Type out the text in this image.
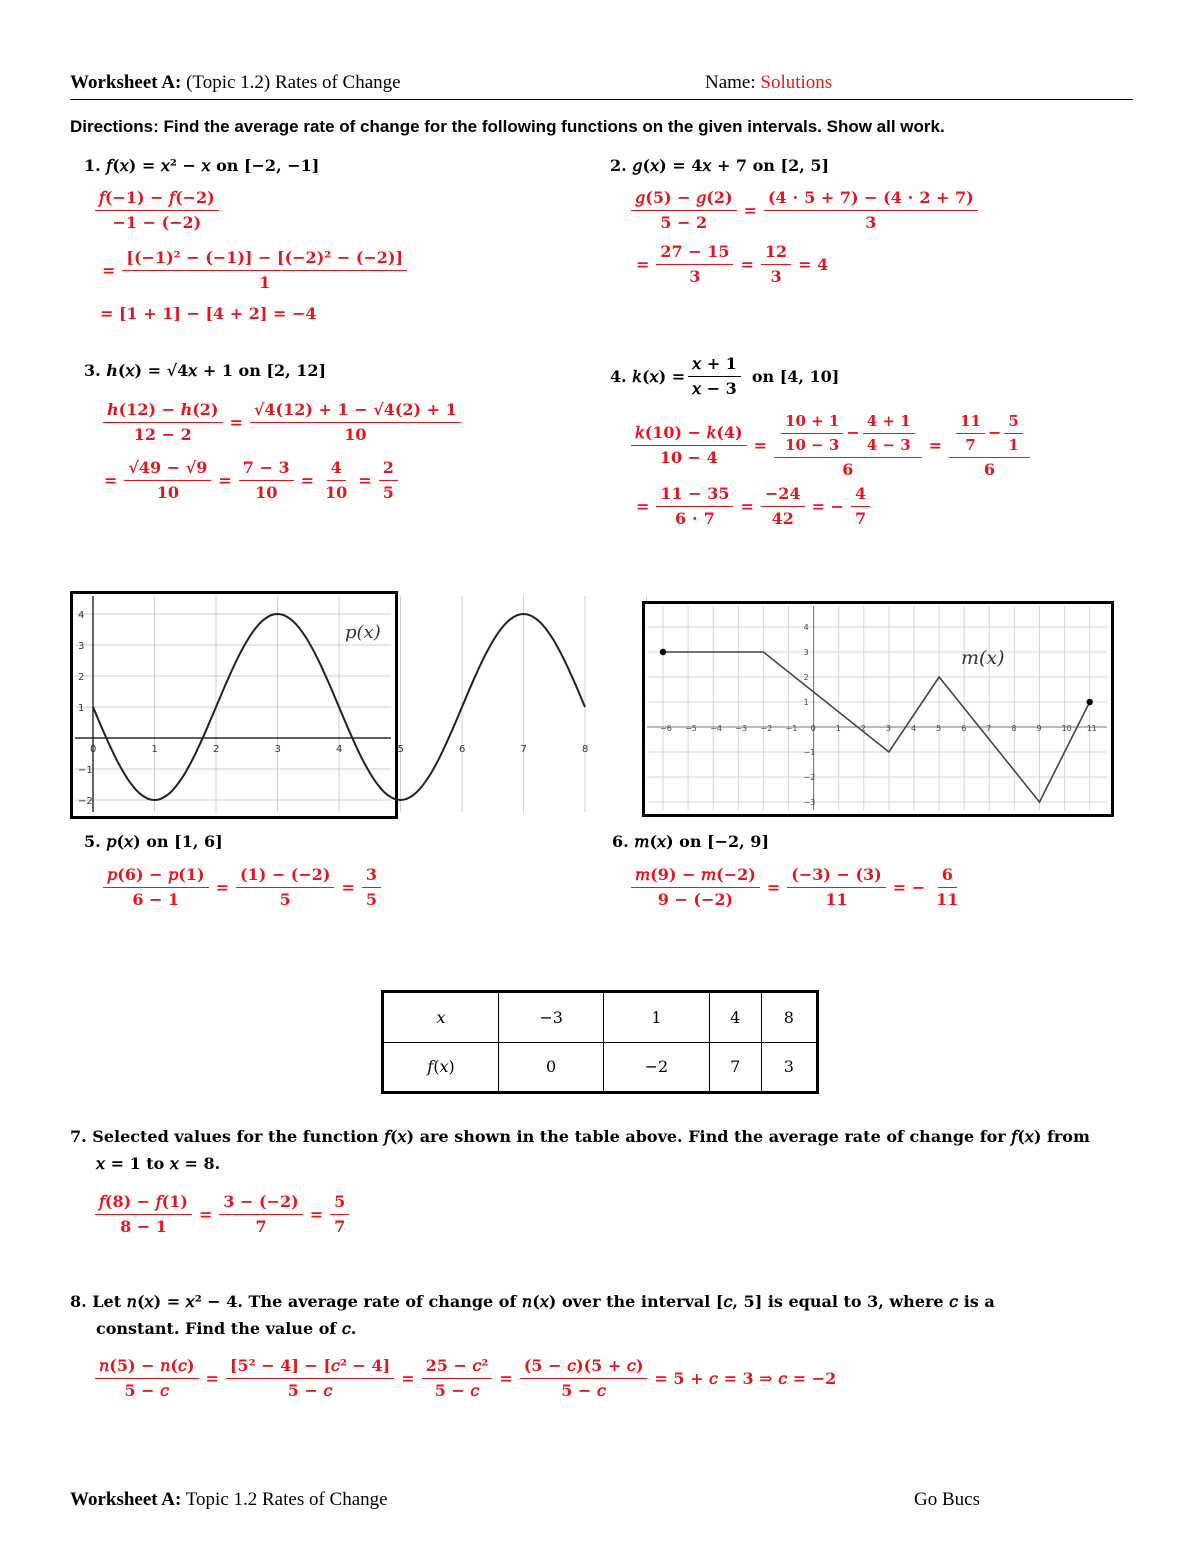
Worksheet A: (Topic 1.2) Rates of Change	Name: Solutions
Directions: Find the average rate of change for the following functions on the given intervals. Show all work.
1. 𝑓(𝑥) = 𝑥² − 𝑥 on [−2, −1]
$\frac{\text{𝑓(−1) − 𝑓(−2)}}{-1 - (-2)}$
= $\frac{\text{[(−1)² − (−1)] − [(−2)² − (−2)]}}{1}$
= [1 + 1] − [4 + 2] = −4
2. 𝑔(𝑥) = 4𝑥 + 7 on [2, 5]
$\frac{\text{𝑔(5) − 𝑔(2)}}{5 - 2} = \frac{(4 \cdot 5 + 7) - (4 \cdot 2 + 7)}{3}$
= $\frac{27 - 15}{3} = \frac{12}{3} = 4$
3. ℎ(𝑥) = √4𝑥 + 1 on [2, 12]
$\frac{\text{ℎ(12) − ℎ(2)}}{12 - 2} = \frac{√4(12) + 1 - √4(2) + 1}{10}$
= $\frac{√49 - √9}{10} = \frac{7 - 3}{10} = \frac{4}{10} = \frac{2}{5}$
4. 𝑘(𝑥) = $\frac{\text{𝑥 + 1}}{\text{𝑥 − 3}}$ on [4, 10]
$\frac{\text{𝑘(10) − 𝑘(4)}}{10 - 4} = \frac{\frac{10 + 1}{10 - 3} - \frac{4 + 1}{4 - 3}}{6} = \frac{\frac{11}{7} - \frac{5}{1}}{6}$
= $\frac{11 - 35}{6 \cdot 7} = \frac{-24}{42}$ = − $\frac{4}{7}$
0	1	2	3	4	5	6	7	8
4
3
2
1
−1
−2
𝑝(𝑥)
−6 −5 −4 −3 −2 −1 0	1	2	3	4	5	6	7	8	9	10 11
4
3
2
1
−1
−2
−3
𝑚(𝑥)
5. 𝑝(𝑥) on [1, 6]
$\frac{\text{𝑝(6) − 𝑝(1)}}{6 - 1} = \frac{(1) - (-2)}{5} = \frac{3}{5}$
6. 𝑚(𝑥) on [−2, 9]
$\frac{\text{𝑚(9) − 𝑚(−2)}}{9 - (-2)} = \frac{(-3) - (3)}{11}$ = − $\frac{6}{11}$
𝑥	−3	1	4	8
𝑓(𝑥)	0	−2	7	3
7. Selected values for the function 𝑓(𝑥) are shown in the table above. Find the average rate of change for 𝑓(𝑥) from
𝑥 = 1 to 𝑥 = 8.
$\frac{\text{𝑓(8) − 𝑓(1)}}{8 - 1} = \frac{3 - (-2)}{7} = \frac{5}{7}$
8. Let 𝑛(𝑥) = 𝑥² − 4. The average rate of change of 𝑛(𝑥) over the interval [𝑐, 5] is equal to 3, where 𝑐 is a
constant. Find the value of 𝑐.
$\frac{\text{𝑛(5) − 𝑛(𝑐)}}{\text{5 − 𝑐}} = \frac{\text{[5² − 4] − [𝑐² − 4]}}{\text{5 − 𝑐}} = \frac{\text{25 − 𝑐²}}{\text{5 − 𝑐}} = \frac{\text{(5 − 𝑐)(5 + 𝑐)}}{\text{5 − 𝑐}} = 5$ + 𝑐 = 3 ⇒ 𝑐 = −2
Worksheet A: Topic 1.2 Rates of Change	Go Bucs
